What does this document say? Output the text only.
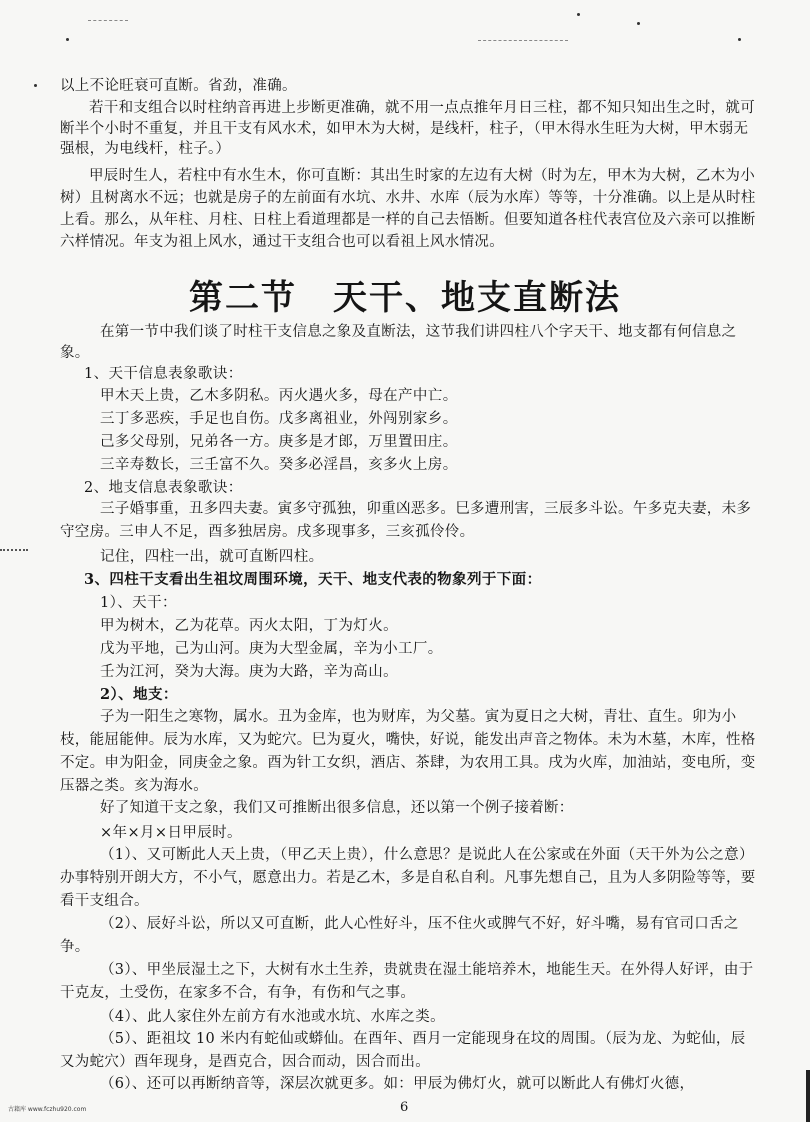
以上不论旺衰可直断。省劲，准确。
若干和支组合以时柱纳音再进上步断更准确，就不用一点点推年月日三柱，都不知只知出生之时，就可断半个小时不重复，并且干支有风水术，如甲木为大树，是线杆，柱子，（甲木得水生旺为大树，甲木弱无强根，为电线杆，柱子。）
甲辰时生人，若柱中有水生木，你可直断：其出生时家的左边有大树（时为左，甲木为大树，乙木为小树）且树离水不远；也就是房子的左前面有水坑、水井、水库（辰为水库）等等，十分准确。以上是从时柱上看。那么，从年柱、月柱、日柱上看道理都是一样的自己去悟断。但要知道各柱代表宫位及六亲可以推断六样情况。年支为祖上风水，通过干支组合也可以看祖上风水情况。
第二节　天干、地支直断法
在第一节中我们谈了时柱干支信息之象及直断法，这节我们讲四柱八个字天干、地支都有何信息之象。
1、天干信息表象歌诀：
甲木天上贵，乙木多阴私。丙火遇火多，母在产中亡。
三丁多恶疾，手足也自伤。戊多离祖业，外闯别家乡。
己多父母别，兄弟各一方。庚多是才郎，万里置田庄。
三辛寿数长，三壬富不久。癸多必淫昌，亥多火上房。
2、地支信息表象歌诀：
三子婚事重，丑多四夫妻。寅多守孤独，卯重凶恶多。巳多遭刑害，三辰多斗讼。午多克夫妻，未多守空房。三申人不足，酉多独居房。戌多现事多，三亥孤伶伶。
记住，四柱一出，就可直断四柱。
3、四柱干支看出生祖坟周围环境，天干、地支代表的物象列于下面：
1）、天干：
甲为树木，乙为花草。丙火太阳，丁为灯火。
戊为平地，己为山河。庚为大型金属，辛为小工厂。
壬为江河，癸为大海。庚为大路，辛为高山。
2）、地支：
子为一阳生之寒物，属水。丑为金库，也为财库，为父墓。寅为夏日之大树，青壮、直生。卯为小枝，能屈能伸。辰为水库，又为蛇穴。巳为夏火，嘴快，好说，能发出声音之物体。未为木墓，木库，性格不定。申为阳金，同庚金之象。酉为针工女织，酒店、茶肆，为农用工具。戌为火库，加油站，变电所，变压器之类。亥为海水。
好了知道干支之象，我们又可推断出很多信息，还以第一个例子接着断：
×年×月×日甲辰时。
（1）、又可断此人天上贵，（甲乙天上贵），什么意思？是说此人在公家或在外面（天干外为公之意）办事特别开朗大方，不小气，愿意出力。若是乙木，多是自私自利。凡事先想自己，且为人多阴险等等，要看干支组合。
（2）、辰好斗讼，所以又可直断，此人心性好斗，压不住火或脾气不好，好斗嘴，易有官司口舌之争。
（3）、甲坐辰湿土之下，大树有水土生养，贵就贵在湿土能培养木，地能生天。在外得人好评，由于干克友，土受伤，在家多不合，有争，有伤和气之事。
（4）、此人家住外左前方有水池或水坑、水库之类。
（5）、距祖坟 10 米内有蛇仙或蟒仙。在酉年、酉月一定能现身在坟的周围。（辰为龙、为蛇仙，辰又为蛇穴）酉年现身，是酉克合，因合而动，因合而出。
（6）、还可以再断纳音等，深层次就更多。如：甲辰为佛灯火，就可以断此人有佛灯火德，
6
古籍库 www.fczhu920.com
